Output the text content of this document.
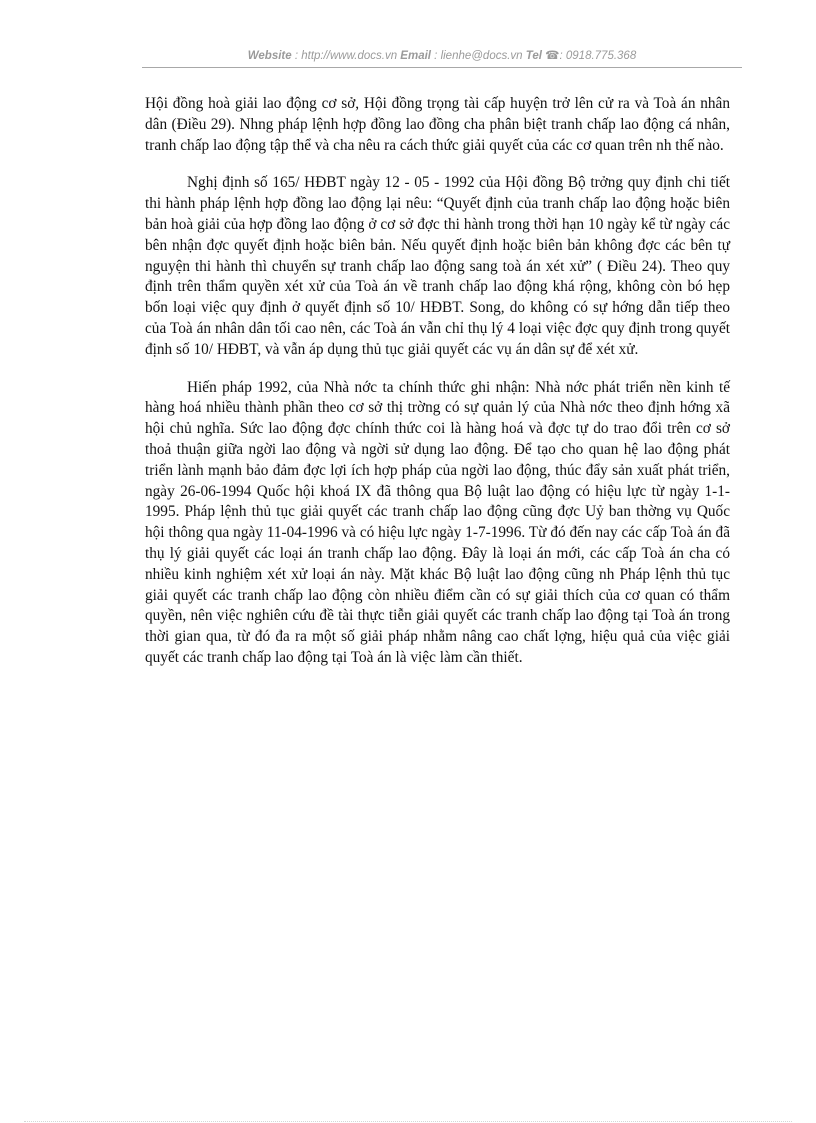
Website : http://www.docs.vn Email : lienhe@docs.vn Tel ☎: 0918.775.368

Hội đồng hoà giải lao động cơ sở, Hội đồng trọng tài cấp huyện trở lên cử ra và Toà án nhân dân (Điều 29). Nhng pháp lệnh hợp đồng lao đồng cha phân biệt tranh chấp lao động cá nhân, tranh chấp lao động tập thể và cha nêu ra cách thức giải quyết của các cơ quan trên nh thế nào.

Nghị định số 165/ HĐBT ngày 12 - 05 - 1992 của Hội đồng Bộ trởng quy định chi tiết thi hành pháp lệnh hợp đồng lao động lại nêu: “Quyết định của tranh chấp lao động hoặc biên bản hoà giải của hợp đồng lao động ở cơ sở đợc thi hành trong thời hạn 10 ngày kể từ ngày các bên nhận đợc quyết định hoặc biên bản. Nếu quyết định hoặc biên bản không đợc các bên tự nguyện thi hành thì chuyển sự tranh chấp lao động sang toà án xét xử” ( Điều 24). Theo quy định trên thẩm quyền xét xử của Toà án về tranh chấp lao động khá rộng, không còn bó hẹp bốn loại việc quy định ở quyết định số 10/ HĐBT. Song, do không có sự hớng dẫn tiếp theo của Toà án nhân dân tối cao nên, các Toà án vẫn chỉ thụ lý 4 loại việc đợc quy định trong quyết định số 10/ HĐBT, và vẫn áp dụng thủ tục giải quyết các vụ án dân sự để xét xử.

Hiến pháp 1992, của Nhà nớc ta chính thức ghi nhận: Nhà nớc phát triển nền kinh tế hàng hoá nhiều thành phần theo cơ sở thị trờng có sự quản lý của Nhà nớc theo định hớng xã hội chủ nghĩa. Sức lao động đợc chính thức coi là hàng hoá và đợc tự do trao đổi trên cơ sở thoả thuận giữa ngời lao động và ngời sử dụng lao động. Để tạo cho quan hệ lao động phát triển lành mạnh bảo đảm đợc lợi ích hợp pháp của ngời lao động, thúc đẩy sản xuất phát triển, ngày 26-06-1994 Quốc hội khoá IX đã thông qua Bộ luật lao động có hiệu lực từ ngày 1-1-1995. Pháp lệnh thủ tục giải quyết các tranh chấp lao động cũng đợc Uỷ ban thờng vụ Quốc hội thông qua ngày 11-04-1996 và có hiệu lực ngày 1-7-1996. Từ đó đến nay các cấp Toà án đã thụ lý giải quyết các loại án tranh chấp lao động. Đây là loại án mới, các cấp Toà án cha có nhiều kinh nghiệm xét xử loại án này. Mặt khác Bộ luật lao động cũng nh Pháp lệnh thủ tục giải quyết các tranh chấp lao động còn nhiều điểm cần có sự giải thích của cơ quan có thẩm quyền, nên việc nghiên cứu đề tài thực tiễn giải quyết các tranh chấp lao động tại Toà án trong thời gian qua, từ đó đa ra một số giải pháp nhằm nâng cao chất lợng, hiệu quả của việc giải quyết các tranh chấp lao động tại Toà án là việc làm cần thiết.
